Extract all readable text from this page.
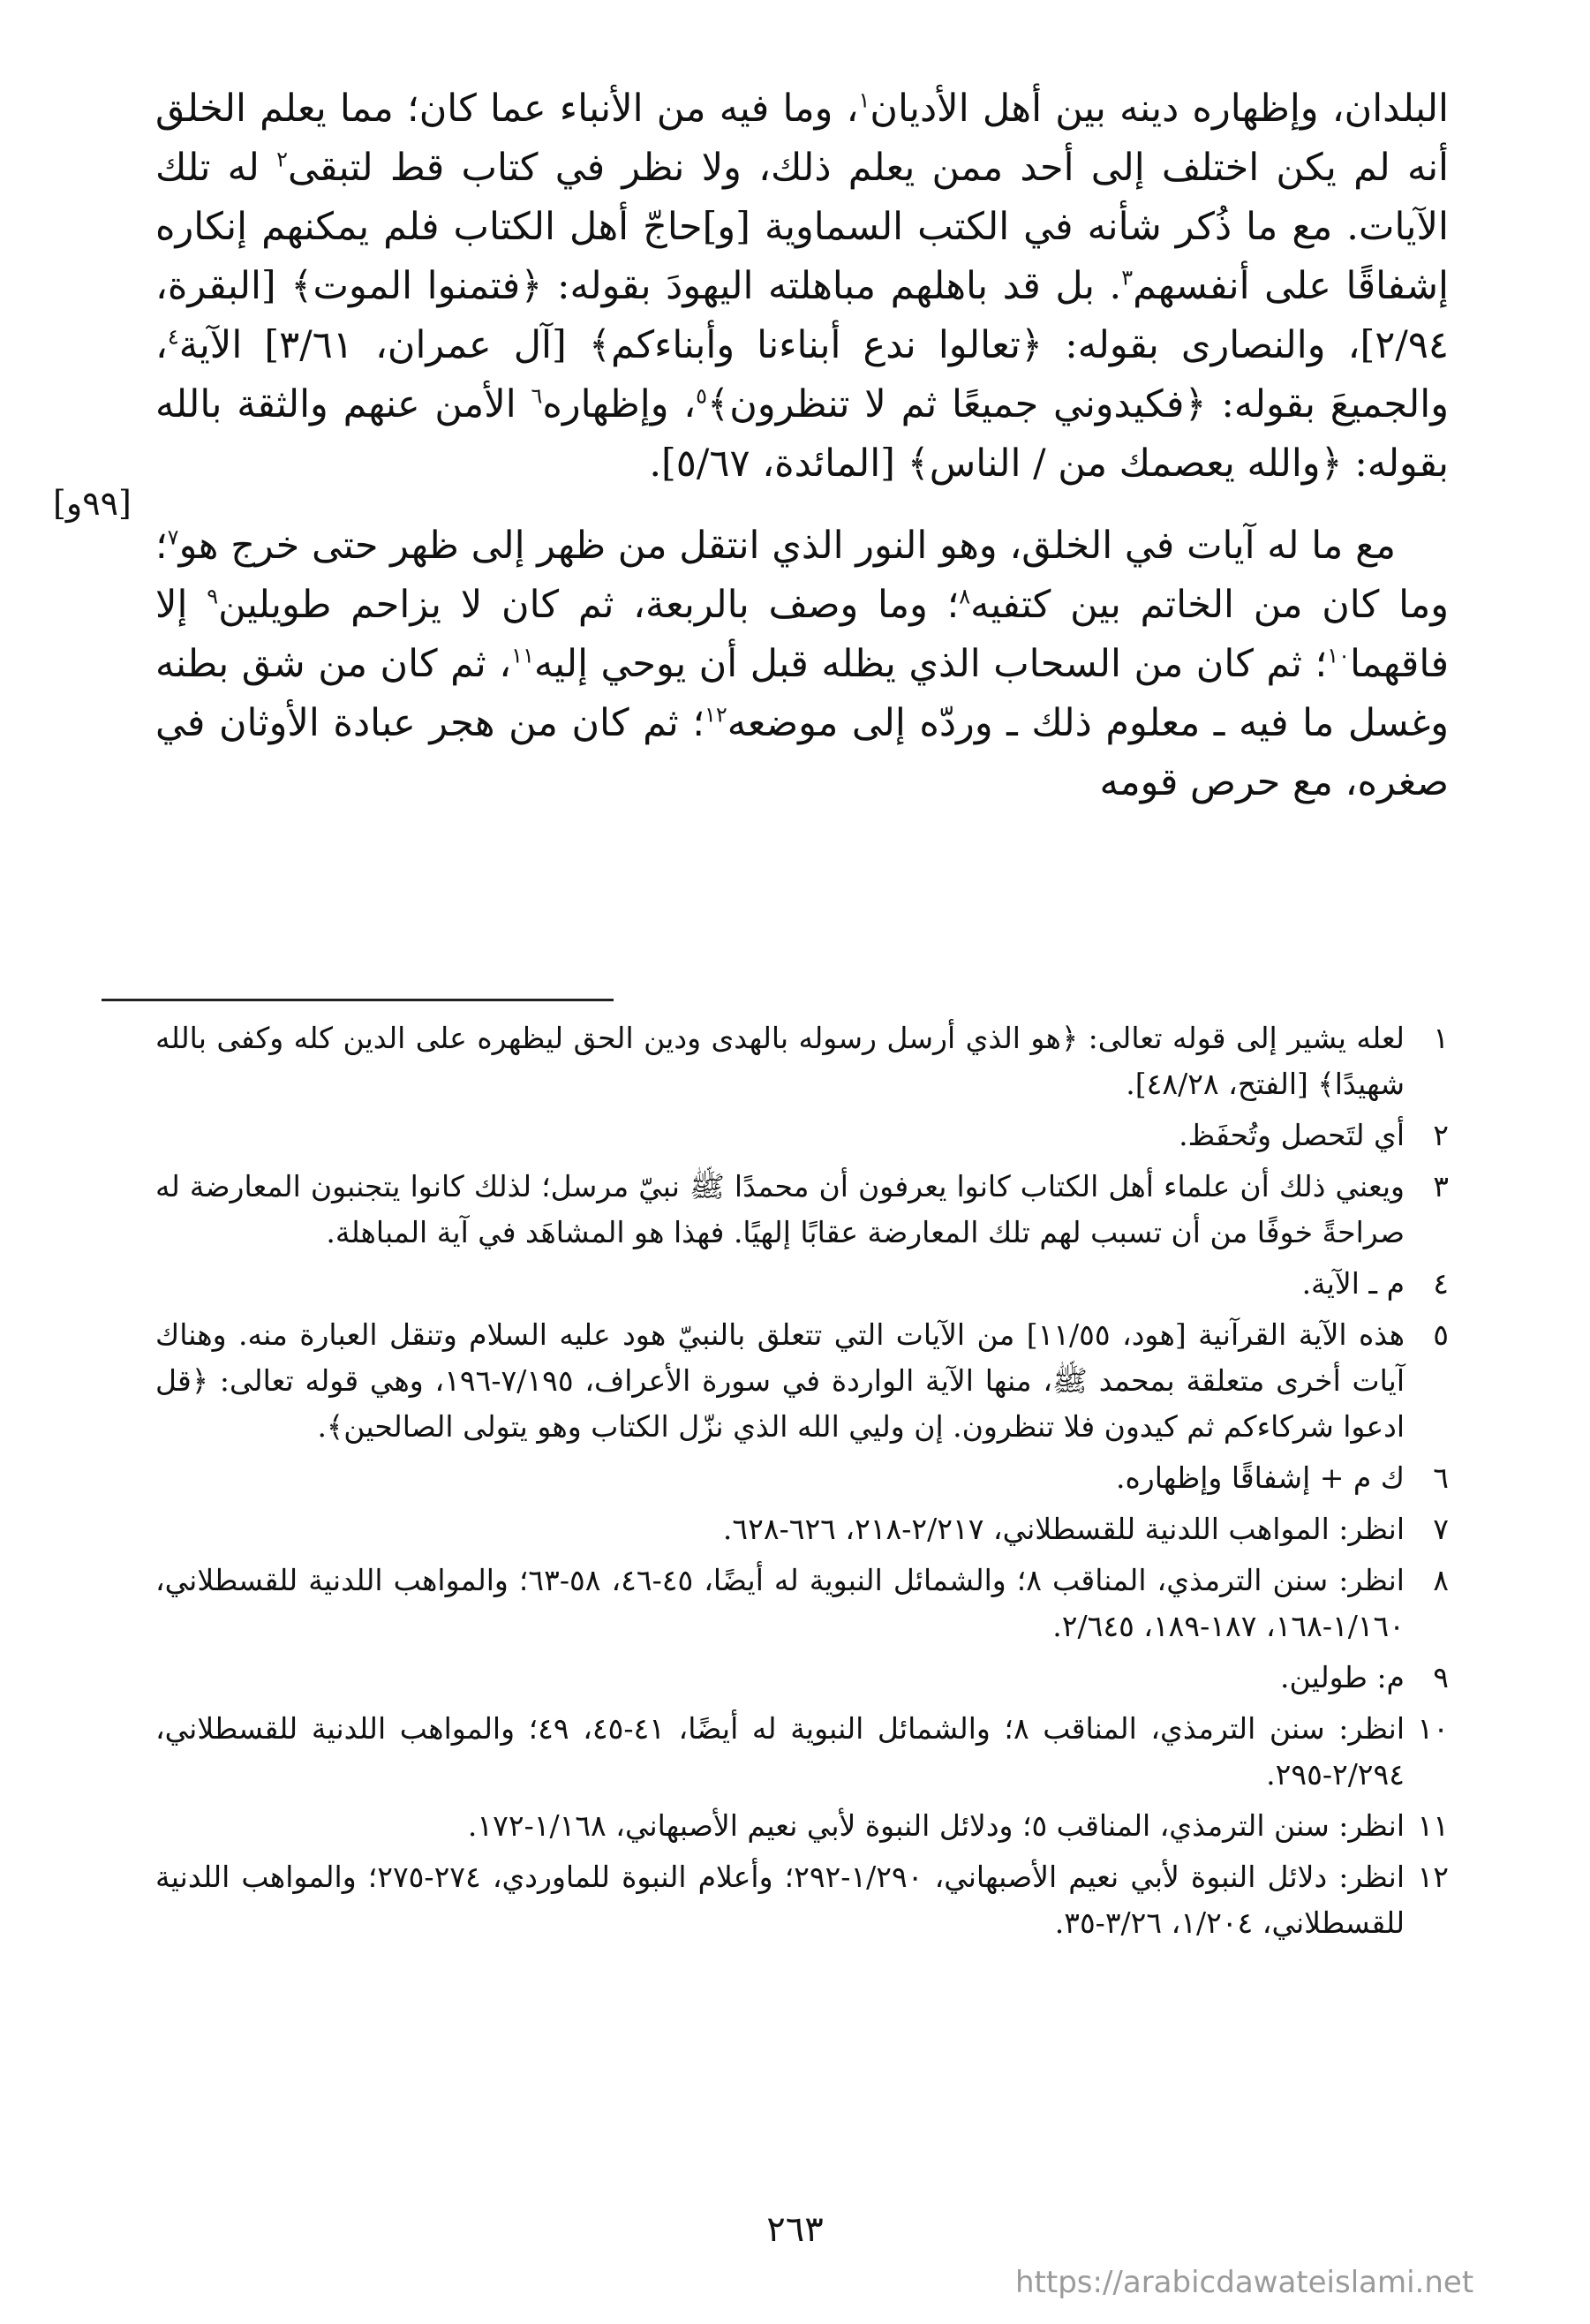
البلدان، وإظهاره دينه بين أهل الأديان$^١$، وما فيه من الأنباء عما كان؛ مما يعلم الخلق أنه لم يكن اختلف إلى أحد ممن يعلم ذلك، ولا نظر في كتاب قط لتبقى$^٢$ له تلك الآيات. مع ما ذُكر شأنه في الكتب السماوية [و]حاجّ أهل الكتاب فلم يمكنهم إنكاره إشفاقًا على أنفسهم$^٣$. بل قد باهلهم مباهلته اليهودَ بقوله: ﴿فتمنوا الموت﴾ [البقرة، ٢/٩٤]، والنصارى بقوله: ﴿تعالوا ندع أبناءنا وأبناءكم﴾ [آل عمران، ٣/٦١] الآية$^٤$، والجميعَ بقوله: ﴿فكيدوني جميعًا ثم لا تنظرون﴾$^٥$، وإظهاره$^٦$ الأمن عنهم والثقة بالله بقوله: ﴿والله يعصمك من / الناس﴾ [المائدة، ٥/٦٧].

مع ما له آيات في الخلق، وهو النور الذي انتقل من ظهر إلى ظهر حتى خرج هو$^٧$؛ وما كان من الخاتم بين كتفيه$^٨$؛ وما وصف بالربعة، ثم كان لا يزاحم طويلين$^٩$ إلا فاقهما$^{١٠}$؛ ثم كان من السحاب الذي يظله قبل أن يوحي إليه$^{١١}$، ثم كان من شق بطنه وغسل ما فيه ـ معلوم ذلك ـ وردّه إلى موضعه$^{١٢}$؛ ثم كان من هجر عبادة الأوثان في صغره، مع حرص قومه

[٩٩و]
١
لعله يشير إلى قوله تعالى: ﴿هو الذي أرسل رسوله بالهدى ودين الحق ليظهره على الدين كله وكفى بالله شهيدًا﴾ [الفتح، ٤٨/٢٨].
٢
أي لتَحصل وتُحفَظ.
٣
ويعني ذلك أن علماء أهل الكتاب كانوا يعرفون أن محمدًا ﷺ نبيّ مرسل؛ لذلك كانوا يتجنبون المعارضة له صراحةً خوفًا من أن تسبب لهم تلك المعارضة عقابًا إلهيًا. فهذا هو المشاهَد في آية المباهلة.
٤
م ـ الآية.
٥
هذه الآية القرآنية [هود، ١١/٥٥] من الآيات التي تتعلق بالنبيّ هود عليه السلام وتنقل العبارة منه. وهناك آيات أخرى متعلقة بمحمد ﷺ، منها الآية الواردة في سورة الأعراف، ٧/١٩٥-١٩٦، وهي قوله تعالى: ﴿قل ادعوا شركاءكم ثم كيدون فلا تنظرون. إن وليي الله الذي نزّل الكتاب وهو يتولى الصالحين﴾.
٦
ك م + إشفاقًا وإظهاره.
٧
انظر: المواهب اللدنية للقسطلاني، ٢/٢١٧-٢١٨، ٦٢٦-٦٢٨.
٨
انظر: سنن الترمذي، المناقب ٨؛ والشمائل النبوية له أيضًا، ٤٥-٤٦، ٥٨-٦٣؛ والمواهب اللدنية للقسطلاني، ١/١٦٠-١٦٨، ١٨٧-١٨٩، ٢/٦٤٥.
٩
م: طولين.
١٠
انظر: سنن الترمذي، المناقب ٨؛ والشمائل النبوية له أيضًا، ٤١-٤٥، ٤٩؛ والمواهب اللدنية للقسطلاني، ٢/٢٩٤-٢٩٥.
١١
انظر: سنن الترمذي، المناقب ٥؛ ودلائل النبوة لأبي نعيم الأصبهاني، ١/١٦٨-١٧٢.
١٢
انظر: دلائل النبوة لأبي نعيم الأصبهاني، ١/٢٩٠-٢٩٢؛ وأعلام النبوة للماوردي، ٢٧٤-٢٧٥؛ والمواهب اللدنية للقسطلاني، ١/٢٠٤، ٣/٢٦-٣٥.
٢٦٣
https://arabicdawateislami.net
